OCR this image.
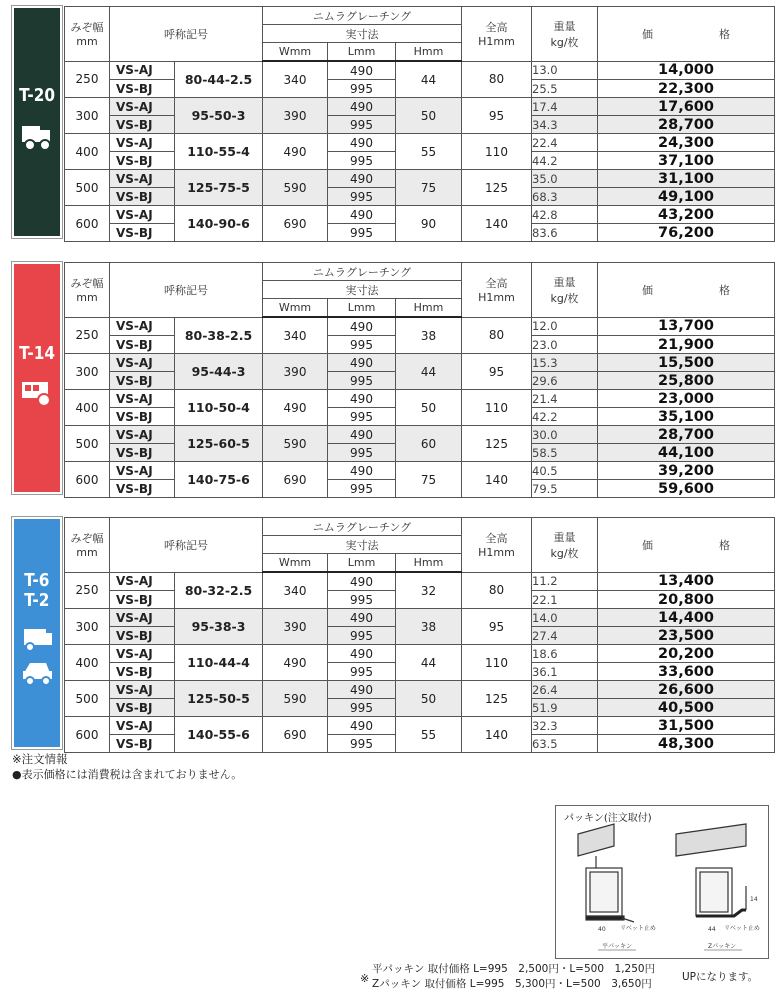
T-20
みぞ幅
mm	呼称記号		ニムラグレーチング			全高
H1mm	重量
kg/枚	価　　　　　　格
			実寸法					
			Wmm	Lmm	Hmm			
250	VS-AJ	80-44-2.5	340	490	44	80	13.0	14,000
	VS-BJ			995			25.5	22,300
300	VS-AJ	95-50-3	390	490	50	95	17.4	17,600
	VS-BJ			995			34.3	28,700
400	VS-AJ	110-55-4	490	490	55	110	22.4	24,300
	VS-BJ			995			44.2	37,100
500	VS-AJ	125-75-5	590	490	75	125	35.0	31,100
	VS-BJ			995			68.3	49,100
600	VS-AJ	140-90-6	690	490	90	140	42.8	43,200
	VS-BJ			995			83.6	76,200
T-14
みぞ幅
mm	呼称記号		ニムラグレーチング			全高
H1mm	重量
kg/枚	価　　　　　　格
			実寸法					
			Wmm	Lmm	Hmm			
250	VS-AJ	80-38-2.5	340	490	38	80	12.0	13,700
	VS-BJ			995			23.0	21,900
300	VS-AJ	95-44-3	390	490	44	95	15.3	15,500
	VS-BJ			995			29.6	25,800
400	VS-AJ	110-50-4	490	490	50	110	21.4	23,000
	VS-BJ			995			42.2	35,100
500	VS-AJ	125-60-5	590	490	60	125	30.0	28,700
	VS-BJ			995			58.5	44,100
600	VS-AJ	140-75-6	690	490	75	140	40.5	39,200
	VS-BJ			995			79.5	59,600
T-6
T-2
みぞ幅
mm	呼称記号		ニムラグレーチング			全高
H1mm	重量
kg/枚	価　　　　　　格
			実寸法					
			Wmm	Lmm	Hmm			
250	VS-AJ	80-32-2.5	340	490	32	80	11.2	13,400
	VS-BJ			995			22.1	20,800
300	VS-AJ	95-38-3	390	490	38	95	14.0	14,400
	VS-BJ			995			27.4	23,500
400	VS-AJ	110-44-4	490	490	44	110	18.6	20,200
	VS-BJ			995			36.1	33,600
500	VS-AJ	125-50-5	590	490	50	125	26.4	26,600
	VS-BJ			995			51.9	40,500
600	VS-AJ	140-55-6	690	490	55	140	32.3	31,500
	VS-BJ			995			63.5	48,300
※注文情報
●表示価格には消費税は含まれておりません。
パッキン(注文取付)
40 リベット止め
平パッキン
14
44 リベット止め
Zパッキン
※
平パッキン 取付価格 L=995　2,500円・L=500　1,250円
Zパッキン 取付価格 L=995　5,300円・L=500　3,650円
UPになります。
